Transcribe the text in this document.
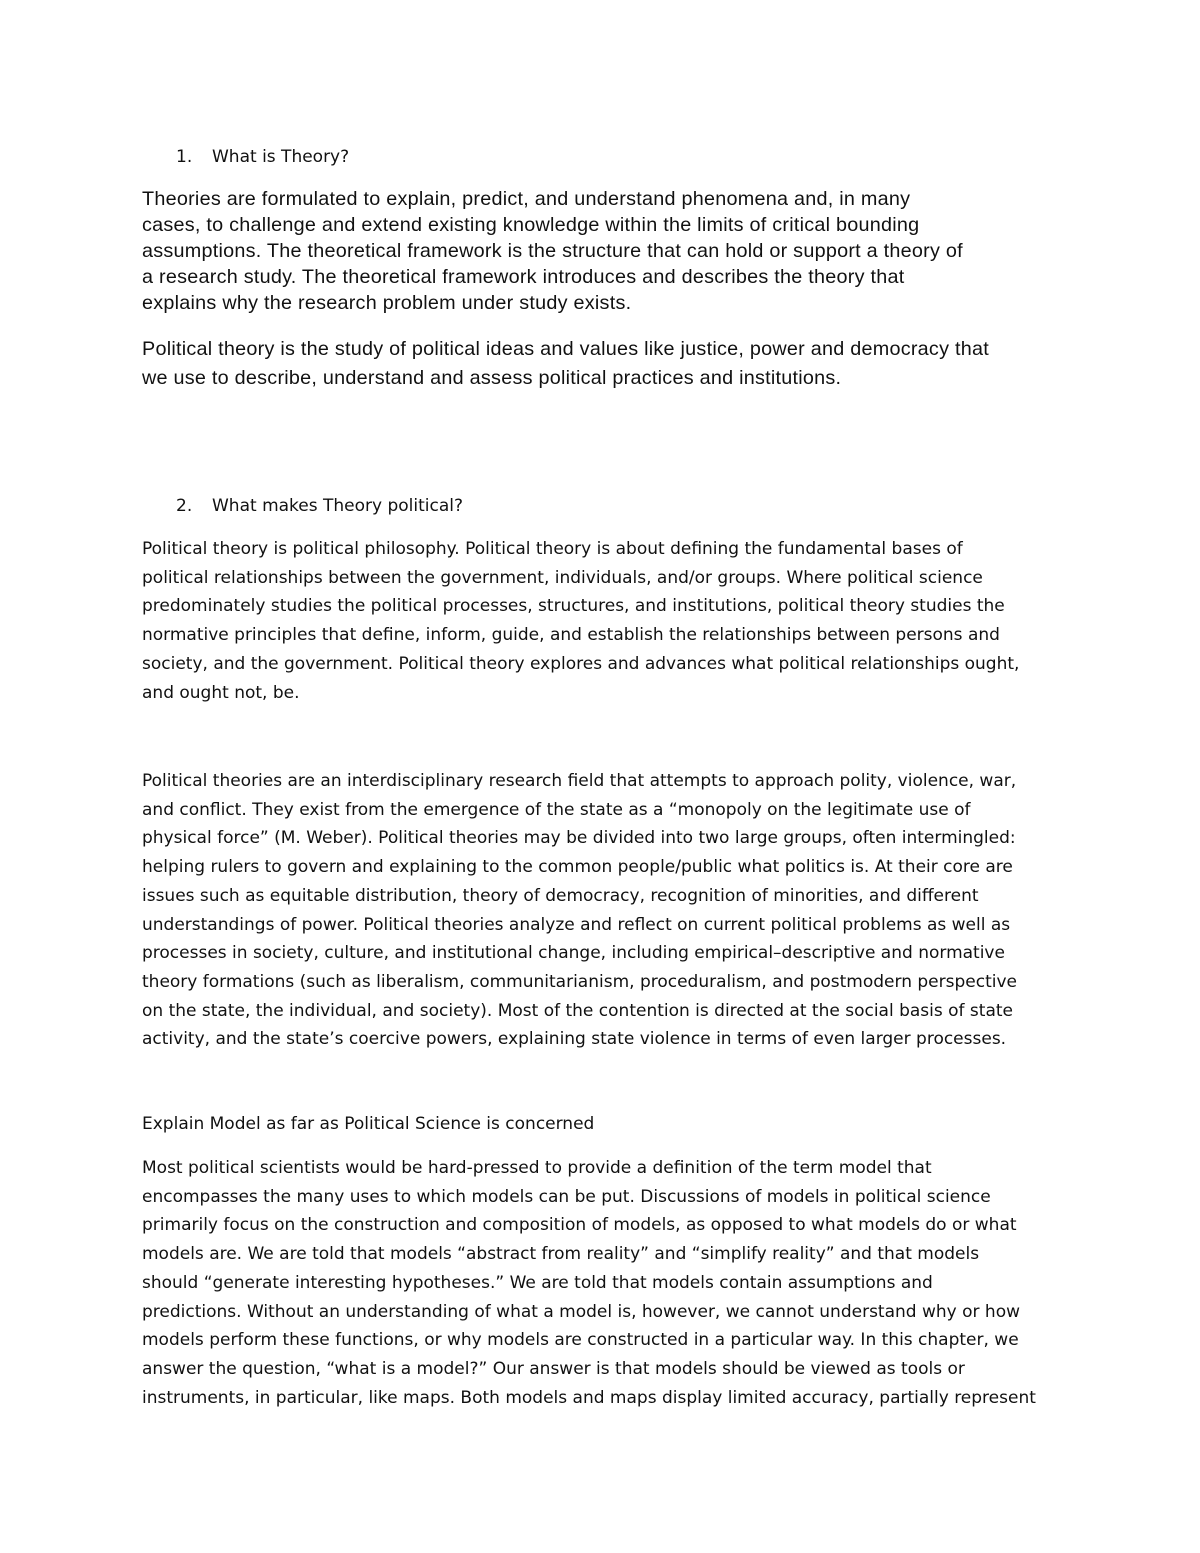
1. What is Theory?
Theories are formulated to explain, predict, and understand phenomena and, in many
cases, to challenge and extend existing knowledge within the limits of critical bounding
assumptions. The theoretical framework is the structure that can hold or support a theory of
a research study. The theoretical framework introduces and describes the theory that
explains why the research problem under study exists.
Political theory is the study of political ideas and values like justice, power and democracy that
we use to describe, understand and assess political practices and institutions.
2. What makes Theory political?
Political theory is political philosophy. Political theory is about defining the fundamental bases of
political relationships between the government, individuals, and/or groups. Where political science
predominately studies the political processes, structures, and institutions, political theory studies the
normative principles that define, inform, guide, and establish the relationships between persons and
society, and the government. Political theory explores and advances what political relationships ought,
and ought not, be.
Political theories are an interdisciplinary research field that attempts to approach polity, violence, war,
and conflict. They exist from the emergence of the state as a “monopoly on the legitimate use of
physical force” (M. Weber). Political theories may be divided into two large groups, often intermingled:
helping rulers to govern and explaining to the common people/public what politics is. At their core are
issues such as equitable distribution, theory of democracy, recognition of minorities, and different
understandings of power. Political theories analyze and reflect on current political problems as well as
processes in society, culture, and institutional change, including empirical–descriptive and normative
theory formations (such as liberalism, communitarianism, proceduralism, and postmodern perspective
on the state, the individual, and society). Most of the contention is directed at the social basis of state
activity, and the state’s coercive powers, explaining state violence in terms of even larger processes.
Explain Model as far as Political Science is concerned
Most political scientists would be hard-pressed to provide a definition of the term model that
encompasses the many uses to which models can be put. Discussions of models in political science
primarily focus on the construction and composition of models, as opposed to what models do or what
models are. We are told that models “abstract from reality” and “simplify reality” and that models
should “generate interesting hypotheses.” We are told that models contain assumptions and
predictions. Without an understanding of what a model is, however, we cannot understand why or how
models perform these functions, or why models are constructed in a particular way. In this chapter, we
answer the question, “what is a model?” Our answer is that models should be viewed as tools or
instruments, in particular, like maps. Both models and maps display limited accuracy, partially represent
